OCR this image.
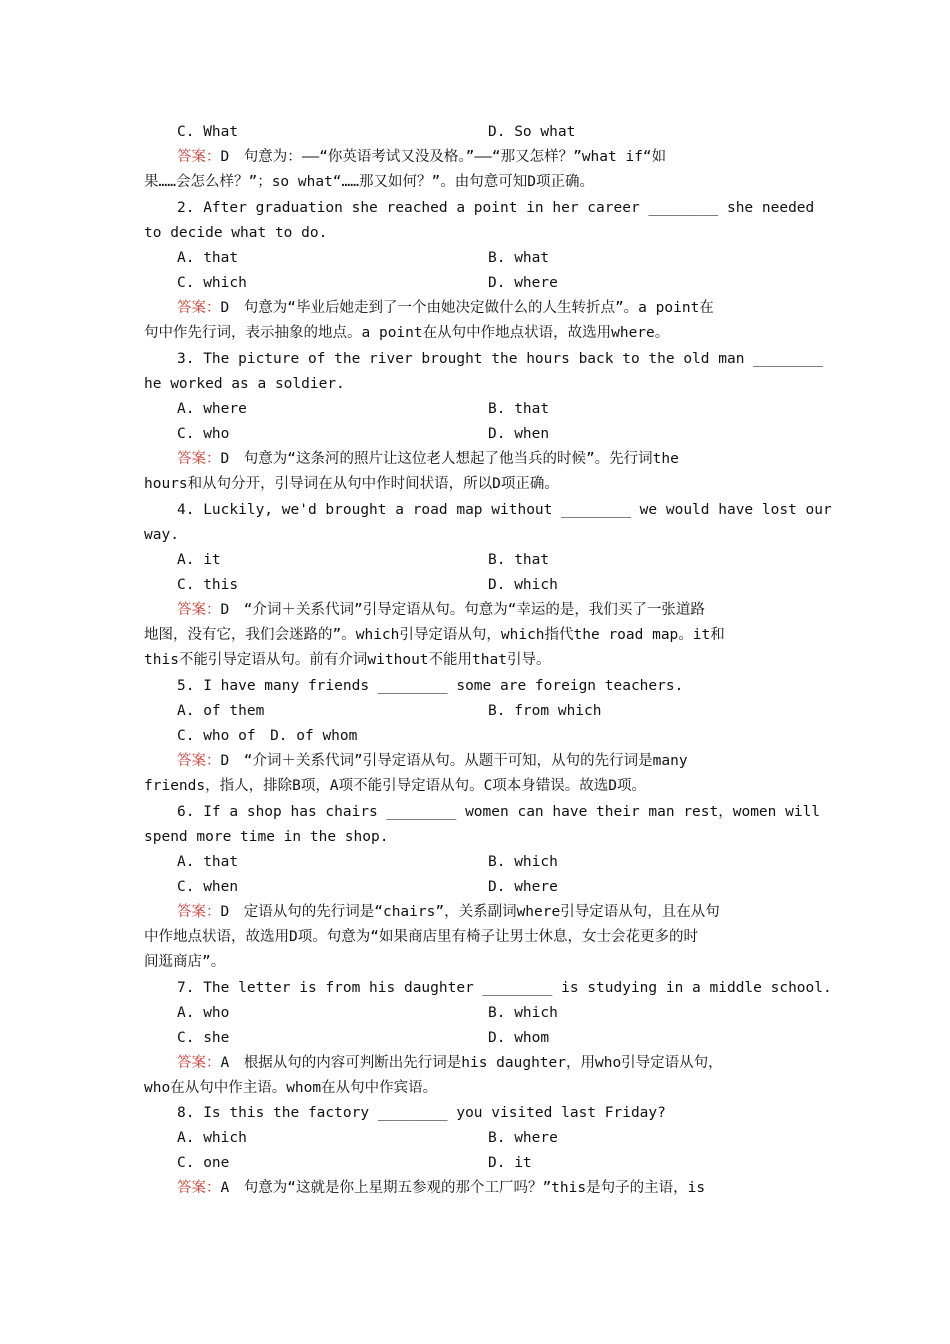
C. What	D. So what
答案：D　句意为：——“你英语考试又没及格。”——“那又怎样？”what if“如
果……会怎么样？”；so what“……那又如何？”。由句意可知D项正确。
2. After graduation she reached a point in her career ________ she needed
to decide what to do.
A. that	B. what
C. which	D. where
答案：D　句意为“毕业后她走到了一个由她决定做什么的人生转折点”。a point在
句中作先行词，表示抽象的地点。a point在从句中作地点状语，故选用where。
3. The picture of the river brought the hours back to the old man ________
he worked as a soldier.
A. where	B. that
C. who	D. when
答案：D　句意为“这条河的照片让这位老人想起了他当兵的时候”。先行词the
hours和从句分开，引导词在从句中作时间状语，所以D项正确。
4. Luckily, we'd brought a road map without ________ we would have lost our
way.
A. it	B. that
C. this	D. which
答案：D　“介词＋关系代词”引导定语从句。句意为“幸运的是，我们买了一张道路
地图，没有它，我们会迷路的”。which引导定语从句，which指代the road map。it和
this不能引导定语从句。前有介词without不能用that引导。
5. I have many friends ________ some are foreign teachers.
A. of them	B. from which
C. who of　D. of whom
答案：D　“介词＋关系代词”引导定语从句。从题干可知，从句的先行词是many
friends，指人，排除B项，A项不能引导定语从句。C项本身错误。故选D项。
6. If a shop has chairs ________ women can have their man rest，women will
spend more time in the shop.
A. that	B. which
C. when	D. where
答案：D　定语从句的先行词是“chairs”，关系副词where引导定语从句，且在从句
中作地点状语，故选用D项。句意为“如果商店里有椅子让男士休息，女士会花更多的时
间逛商店”。
7. The letter is from his daughter ________ is studying in a middle school.
A. who	B. which
C. she	D. whom
答案：A　根据从句的内容可判断出先行词是his daughter，用who引导定语从句，
who在从句中作主语。whom在从句中作宾语。
8. Is this the factory ________ you visited last Friday?
A. which	B. where
C. one	D. it
答案：A　句意为“这就是你上星期五参观的那个工厂吗？”this是句子的主语，is
